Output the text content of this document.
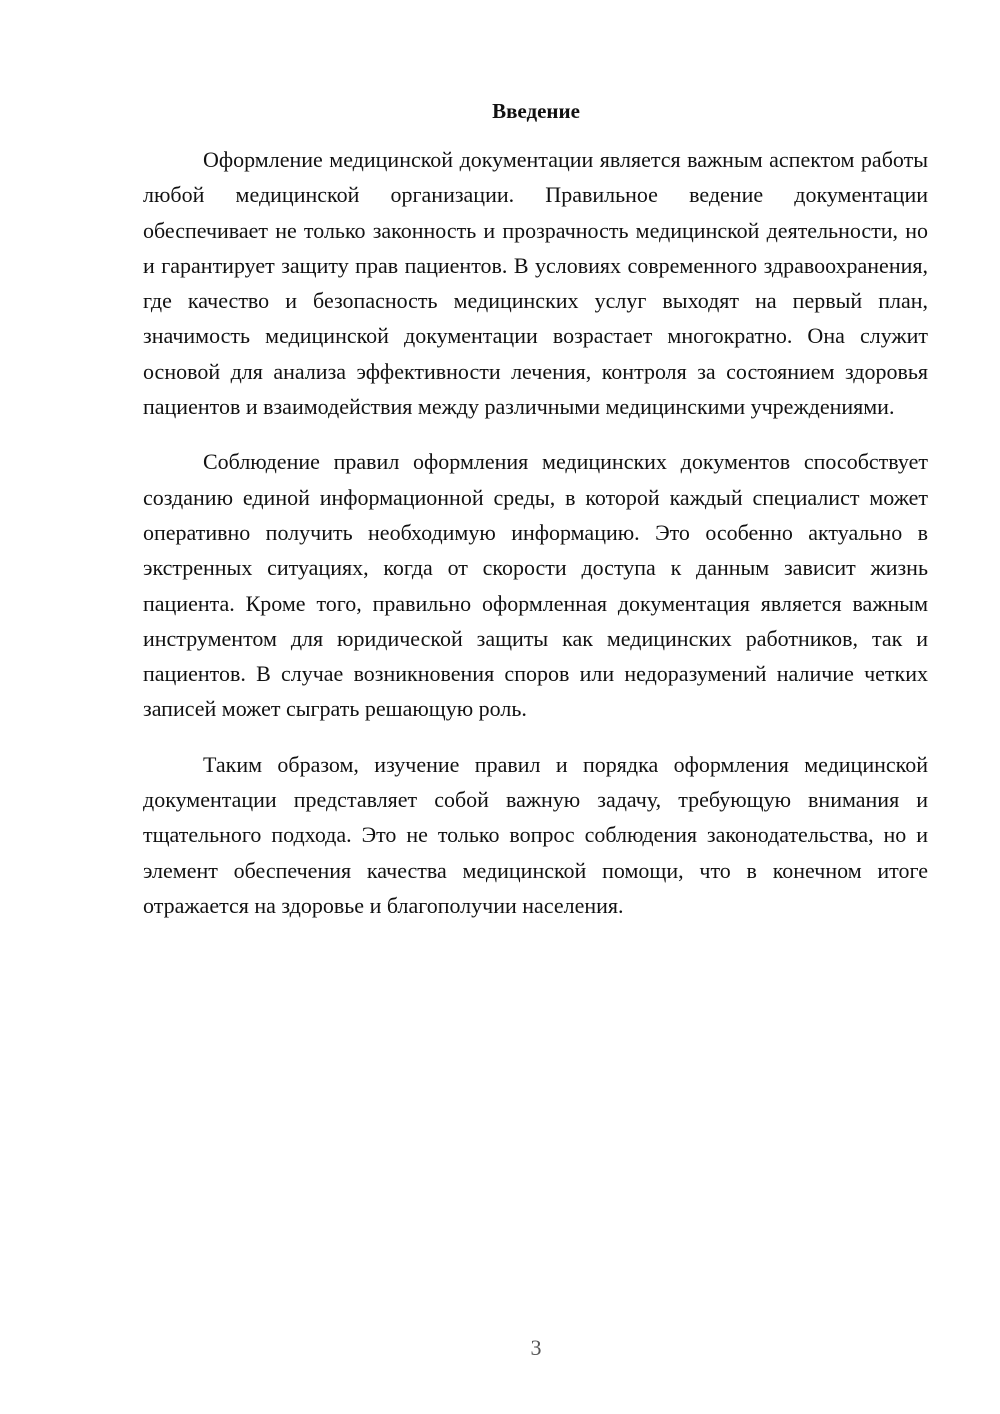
Введение

Оформление медицинской документации является важным аспектом работы любой медицинской организации. Правильное ведение документации обеспечивает не только законность и прозрачность медицинской деятельности, но и гарантирует защиту прав пациентов. В условиях современного здравоохранения, где качество и безопасность медицинских услуг выходят на первый план, значимость медицинской документации возрастает многократно. Она служит основой для анализа эффективности лечения, контроля за состоянием здоровья пациентов и взаимодействия между различными медицинскими учреждениями.

Соблюдение правил оформления медицинских документов способствует созданию единой информационной среды, в которой каждый специалист может оперативно получить необходимую информацию. Это особенно актуально в экстренных ситуациях, когда от скорости доступа к данным зависит жизнь пациента. Кроме того, правильно оформленная документация является важным инструментом для юридической защиты как медицинских работников, так и пациентов. В случае возникновения споров или недоразумений наличие четких записей может сыграть решающую роль.

Таким образом, изучение правил и порядка оформления медицинской документации представляет собой важную задачу, требующую внимания и тщательного подхода. Это не только вопрос соблюдения законодательства, но и элемент обеспечения качества медицинской помощи, что в конечном итоге отражается на здоровье и благополучии населения.

3
